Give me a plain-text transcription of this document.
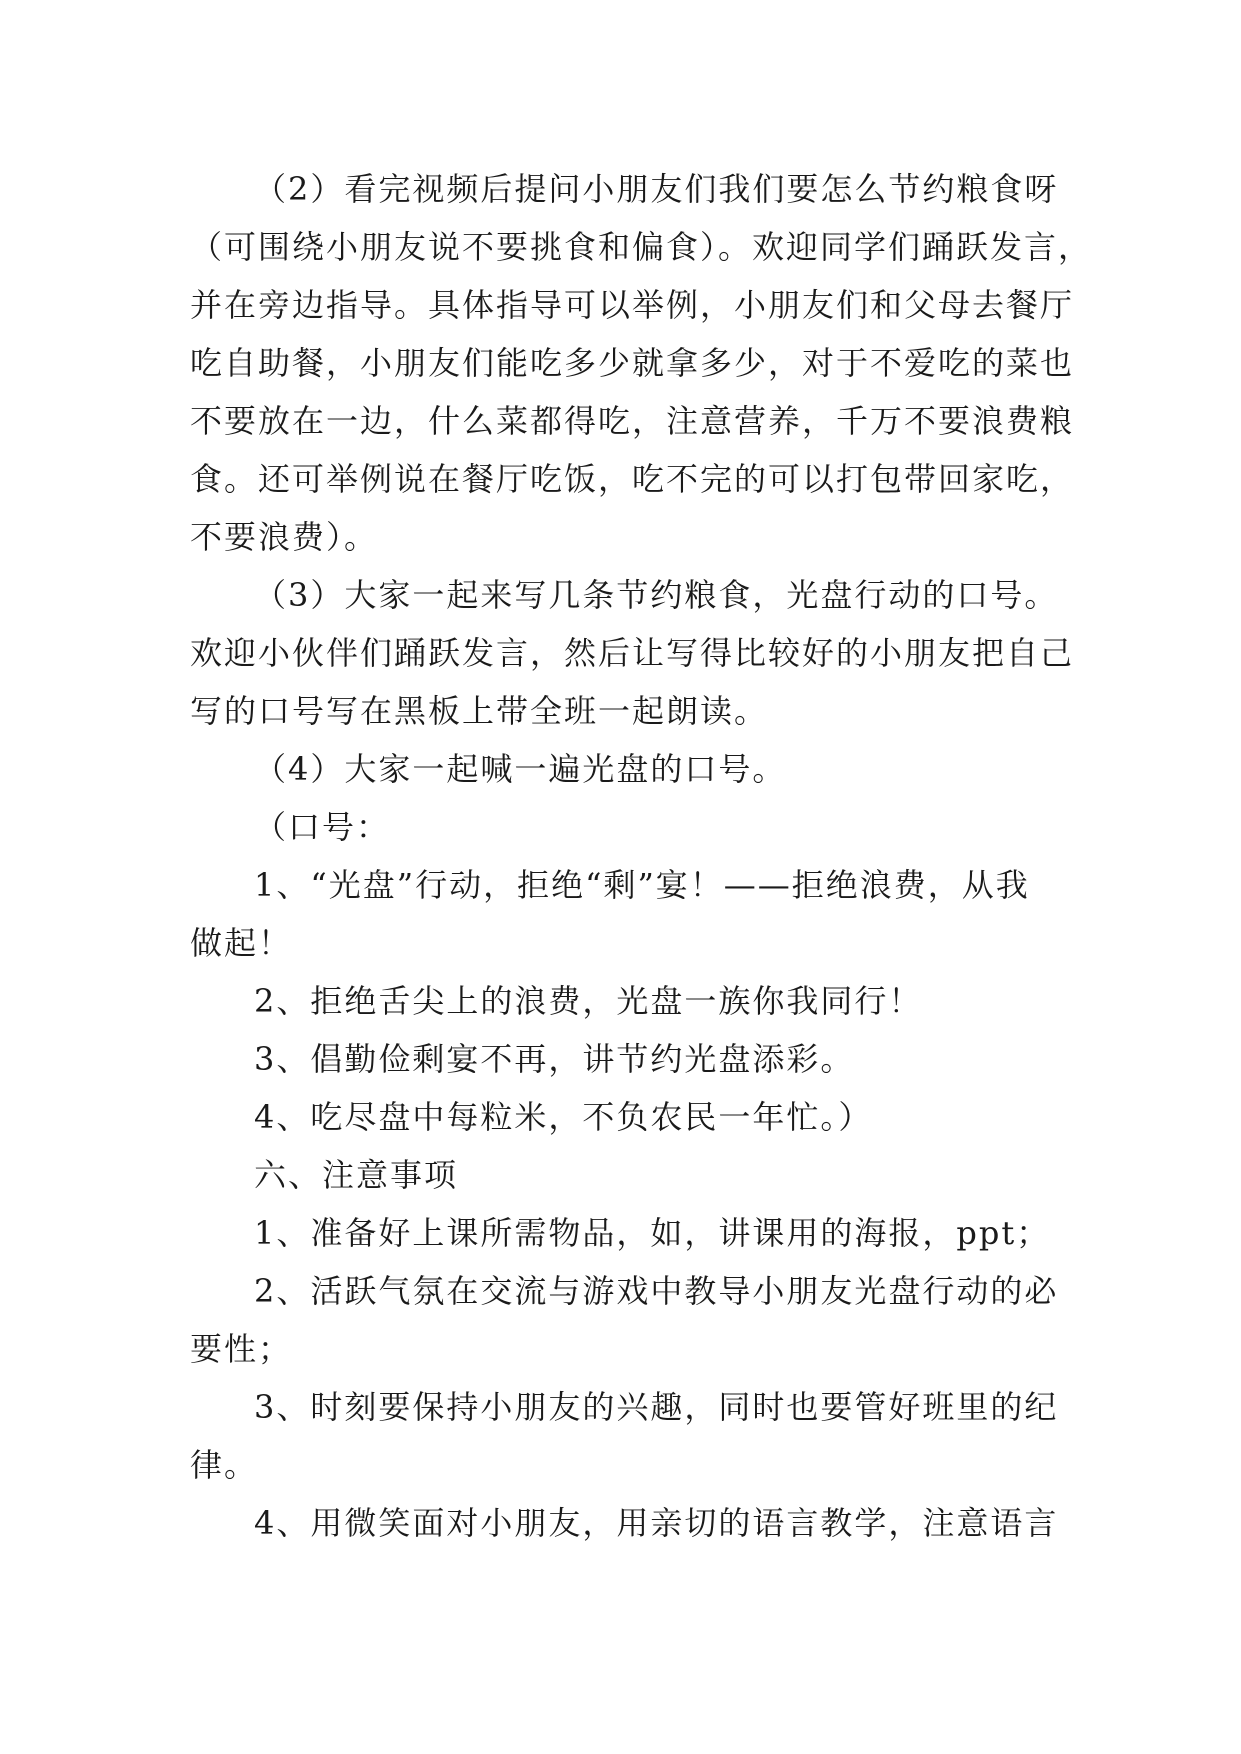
（2）看完视频后提问小朋友们我们要怎么节约粮食呀
（可围绕小朋友说不要挑食和偏食）。欢迎同学们踊跃发言，
并在旁边指导。具体指导可以举例，小朋友们和父母去餐厅
吃自助餐，小朋友们能吃多少就拿多少，对于不爱吃的菜也
不要放在一边，什么菜都得吃，注意营养，千万不要浪费粮
食。还可举例说在餐厅吃饭，吃不完的可以打包带回家吃，
不要浪费）。
（3）大家一起来写几条节约粮食，光盘行动的口号。
欢迎小伙伴们踊跃发言，然后让写得比较好的小朋友把自己
写的口号写在黑板上带全班一起朗读。
（4）大家一起喊一遍光盘的口号。
（口号：
1、“光盘”行动，拒绝“剩”宴！——拒绝浪费，从我
做起！
2、拒绝舌尖上的浪费，光盘一族你我同行！
3、倡勤俭剩宴不再，讲节约光盘添彩。
4、吃尽盘中每粒米，不负农民一年忙。）
六、注意事项
1、准备好上课所需物品，如，讲课用的海报，ppt；
2、活跃气氛在交流与游戏中教导小朋友光盘行动的必
要性；
3、时刻要保持小朋友的兴趣，同时也要管好班里的纪
律。
4、用微笑面对小朋友，用亲切的语言教学，注意语言
